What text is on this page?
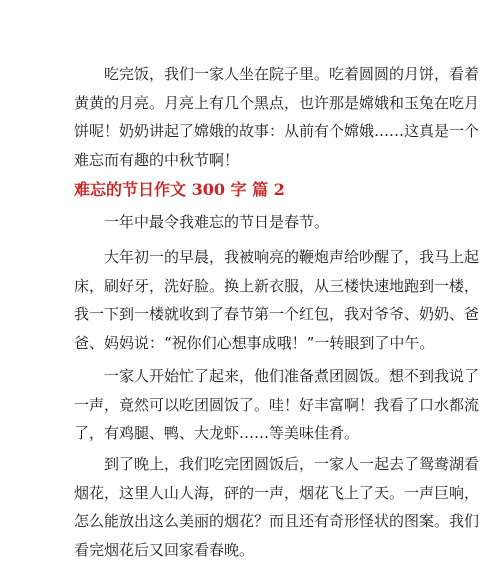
吃完饭，我们一家人坐在院子里。吃着圆圆的月饼，看着
黄黄的月亮。月亮上有几个黑点，也许那是嫦娥和玉兔在吃月
饼呢！奶奶讲起了嫦娥的故事：从前有个嫦娥……这真是一个
难忘而有趣的中秋节啊！
难忘的节日作文 300 字 篇 2
一年中最令我难忘的节日是春节。
大年初一的早晨，我被响亮的鞭炮声给吵醒了，我马上起
床，刷好牙，洗好脸。换上新衣服，从三楼快速地跑到一楼，
我一下到一楼就收到了春节第一个红包，我对爷爷、奶奶、爸
爸、妈妈说：“祝你们心想事成哦！”一转眼到了中午。
一家人开始忙了起来，他们准备煮团圆饭。想不到我说了
一声，竟然可以吃团圆饭了。哇！好丰富啊！我看了口水都流
了，有鸡腿、鸭、大龙虾……等美味佳肴。
到了晚上，我们吃完团圆饭后，一家人一起去了鸳鸯湖看
烟花，这里人山人海，砰的一声，烟花飞上了天。一声巨响，
怎么能放出这么美丽的烟花？而且还有奇形怪状的图案。我们
看完烟花后又回家看春晚。
